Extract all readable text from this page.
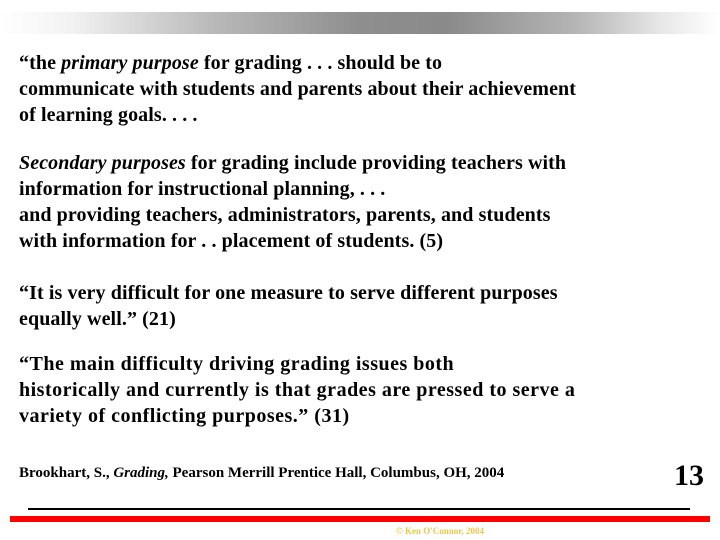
“the primary purpose for grading . . . should be to
communicate with students and parents about their achievement
of learning goals. . . .

Secondary purposes for grading include providing teachers with
information for instructional planning, . . .
and providing teachers, administrators, parents, and students
with information for . . placement of students. (5)

“It is very difficult for one measure to serve different purposes
equally well.” (21)

“The main difficulty driving grading issues both
historically and currently is that grades are pressed to serve a
variety of conflicting purposes.” (31)

Brookhart, S., Grading, Pearson Merrill Prentice Hall, Columbus, OH, 2004	13
© Ken O'Connor, 2004
